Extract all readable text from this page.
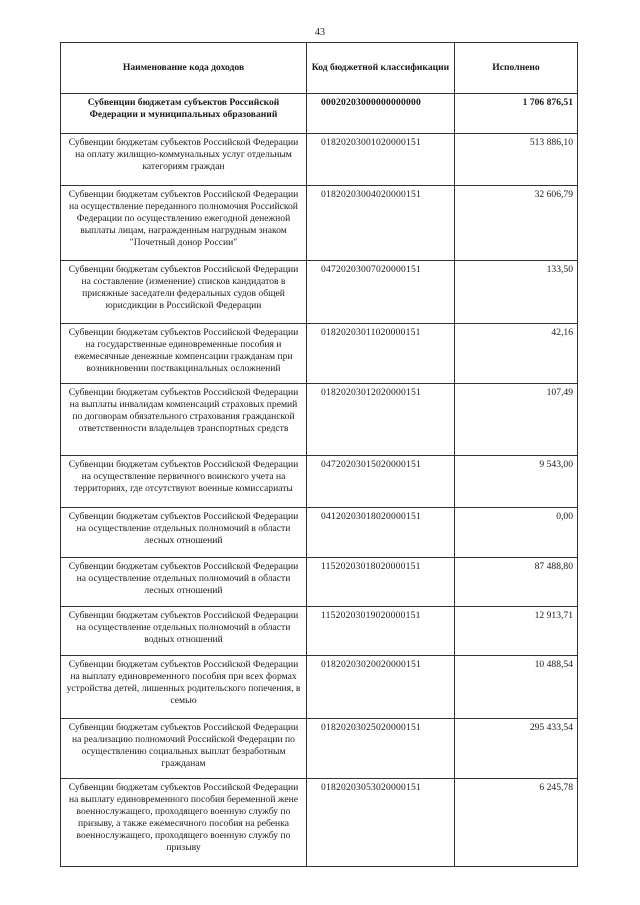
43
Наименование кода доходов	Код бюджетной классификации	Исполнено
Субвенции бюджетам субъектов Российской Федерации и муниципальных образований	00020203000000000000	1 706 876,51
Субвенции бюджетам субъектов Российской Федерации на оплату жилищно-коммунальных услуг отдельным категориям граждан	01820203001020000151	513 886,10
Субвенции бюджетам субъектов Российской Федерации на осуществление переданного полномочия Российской Федерации по осуществлению ежегодной денежной выплаты лицам, награжденным нагрудным знаком "Почетный донор России"	01820203004020000151	32 606,79
Субвенции бюджетам субъектов Российской Федерации на составление (изменение) списков кандидатов в присяжные заседатели федеральных судов общей юрисдикции в Российской Федерации	04720203007020000151	133,50
Субвенции бюджетам субъектов Российской Федерации на государственные единовременные пособия и ежемесячные денежные компенсации гражданам при возникновении поствакцинальных осложнений	01820203011020000151	42,16
Субвенции бюджетам субъектов Российской Федерации на выплаты инвалидам компенсаций страховых премий по договорам обязательного страхования гражданской ответственности владельцев транспортных средств	01820203012020000151	107,49
Субвенции бюджетам субъектов Российской Федерации на осуществление первичного воинского учета на территориях, где отсутствуют военные комиссариаты	04720203015020000151	9 543,00
Субвенции бюджетам субъектов Российской Федерации на осуществление отдельных полномочий в области лесных отношений	04120203018020000151	0,00
Субвенции бюджетам субъектов Российской Федерации на осуществление отдельных полномочий в области лесных отношений	11520203018020000151	87 488,80
Субвенции бюджетам субъектов Российской Федерации на осуществление отдельных полномочий в области водных отношений	11520203019020000151	12 913,71
Субвенции бюджетам субъектов Российской Федерации на выплату единовременного пособия при всех формах устройства детей, лишенных родительского попечения, в семью	01820203020020000151	10 488,54
Субвенции бюджетам субъектов Российской Федерации на реализацию полномочий Российской Федерации по осуществлению социальных выплат безработным гражданам	01820203025020000151	295 433,54
Субвенции бюджетам субъектов Российской Федерации на выплату единовременного пособия беременной жене военнослужащего, проходящего военную службу по призыву, а также ежемесячного пособия на ребенка военнослужащего, проходящего военную службу по призыву	01820203053020000151	6 245,78
